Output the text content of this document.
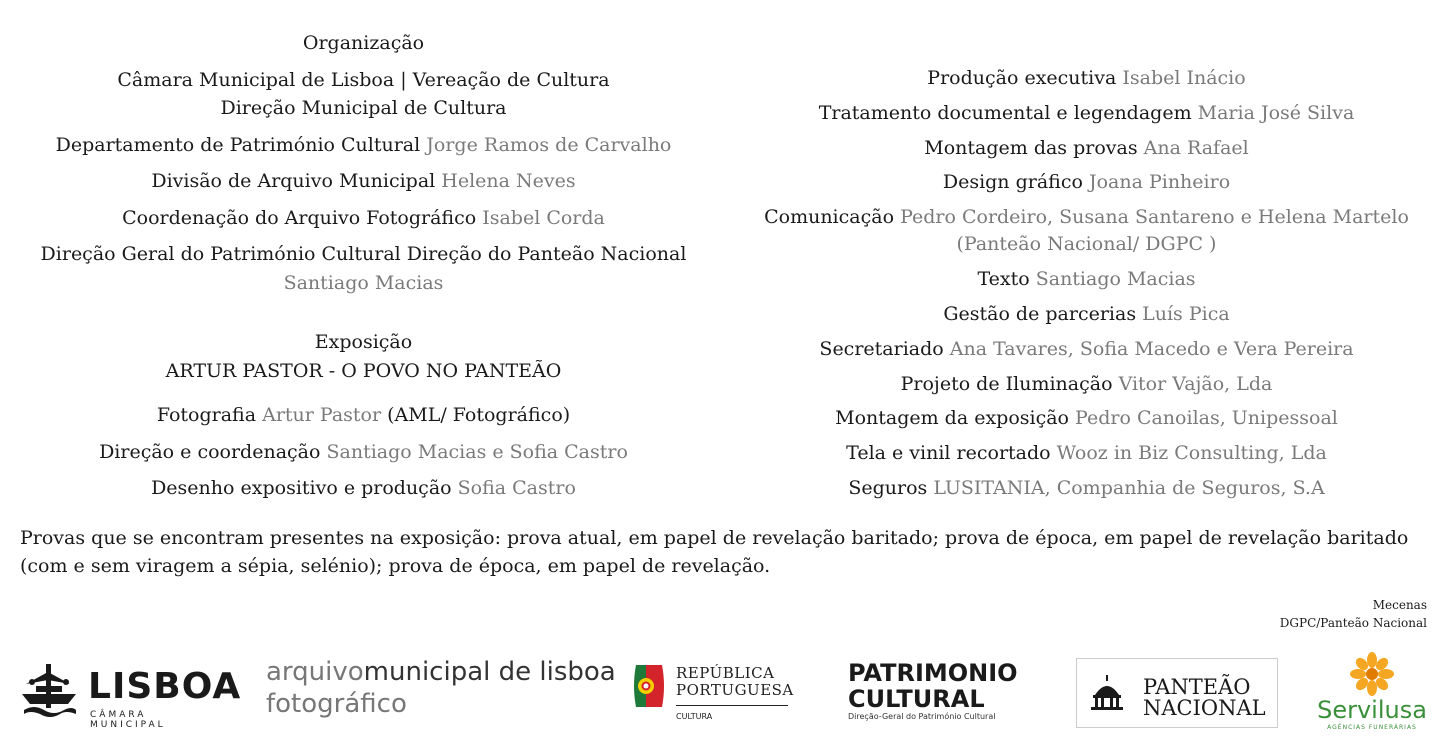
Organização
Câmara Municipal de Lisboa | Vereação de Cultura
Direção Municipal de Cultura
Departamento de Património Cultural Jorge Ramos de Carvalho
Divisão de Arquivo Municipal Helena Neves
Coordenação do Arquivo Fotográfico Isabel Corda
Direção Geral do Património Cultural Direção do Panteão Nacional
Santiago Macias
Exposição
ARTUR PASTOR - O POVO NO PANTEÃO
Fotografia Artur Pastor (AML/ Fotográfico)
Direção e coordenação Santiago Macias e Sofia Castro
Desenho expositivo e produção Sofia Castro
Produção executiva Isabel Inácio
Tratamento documental e legendagem Maria José Silva
Montagem das provas Ana Rafael
Design gráfico Joana Pinheiro
Comunicação Pedro Cordeiro, Susana Santareno e Helena Martelo
(Panteão Nacional/ DGPC )
Texto Santiago Macias
Gestão de parcerias Luís Pica
Secretariado Ana Tavares, Sofia Macedo e Vera Pereira
Projeto de Iluminação Vitor Vajão, Lda
Montagem da exposição Pedro Canoilas, Unipessoal
Tela e vinil recortado Wooz in Biz Consulting, Lda
Seguros LUSITANIA, Companhia de Seguros, S.A
Provas que se encontram presentes na exposição: prova atual, em papel de revelação baritado; prova de época, em papel de revelação baritado (com e sem viragem a sépia, selénio); prova de época, em papel de revelação.
Mecenas
DGPC/Panteão Nacional
LISBOA
CÂMARA MUNICIPAL
arquivomunicipal de lisboa
fotográfico
REPÚBLICA
PORTUGUESA
CULTURA
PATRIMONIO
CULTURAL
Direção-Geral do Património Cultural
PANTEÃO
NACIONAL Servilusa
AGÊNCIAS FUNERÁRIAS
